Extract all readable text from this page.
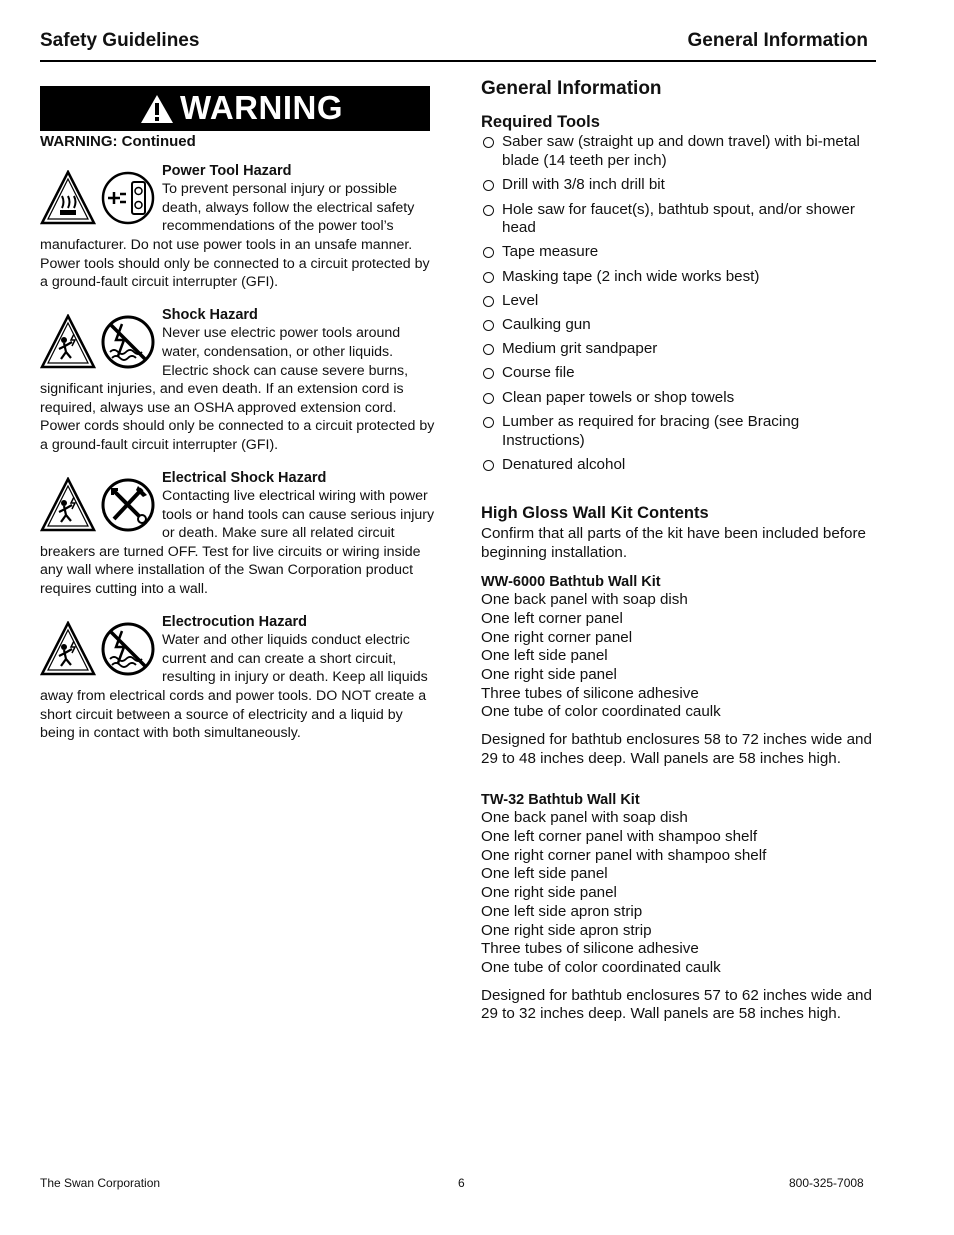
Safety Guidelines	General Information
WARNING
WARNING: Continued
Power Tool Hazard
To prevent personal injury or possible death, always follow the electrical safety recommendations of the power tool’s manufacturer. Do not use power tools in an unsafe manner. Power tools should only be connected to a circuit protected by a ground-fault circuit interrupter (GFI).
Shock Hazard
Never use electric power tools around water, condensation, or other liquids. Electric shock can cause severe burns, significant injuries, and even death. If an extension cord is required, always use an OSHA approved extension cord. Power cords should only be connected to a circuit protected by a ground-fault circuit interrupter (GFI).
Electrical Shock Hazard
Contacting live electrical wiring with power tools or hand tools can cause serious injury or death. Make sure all related circuit breakers are turned OFF. Test for live circuits or wiring inside any wall where installation of the Swan Corporation product requires cutting into a wall.
Electrocution Hazard
Water and other liquids conduct electric current and can create a short circuit, resulting in injury or death. Keep all liquids away from electrical cords and power tools. DO NOT create a short circuit between a source of electricity and a liquid by being in contact with both simultaneously.
General Information
Required Tools
Saber saw (straight up and down travel) with bi-metal blade (14 teeth per inch)
Drill with 3/8 inch drill bit
Hole saw for faucet(s), bathtub spout, and/or shower head
Tape measure
Masking tape (2 inch wide works best)
Level
Caulking gun
Medium grit sandpaper
Course file
Clean paper towels or shop towels
Lumber as required for bracing (see Bracing Instructions)
Denatured alcohol
High Gloss Wall Kit Contents

Confirm that all parts of the kit have been included before beginning installation.

WW-6000 Bathtub Wall Kit
One back panel with soap dish
One left corner panel
One right corner panel
One left side panel
One right side panel
Three tubes of silicone adhesive
One tube of color coordinated caulk

Designed for bathtub enclosures 58 to 72 inches wide and 29 to 48 inches deep. Wall panels are 58 inches high.

TW-32 Bathtub Wall Kit
One back panel with soap dish
One left corner panel with shampoo shelf
One right corner panel with shampoo shelf
One left side panel
One right side panel
One left side apron strip
One right side apron strip
Three tubes of silicone adhesive
One tube of color coordinated caulk

Designed for bathtub enclosures 57 to 62 inches wide and 29 to 32 inches deep. Wall panels are 58 inches high.

The Swan Corporation	6	800-325-7008
